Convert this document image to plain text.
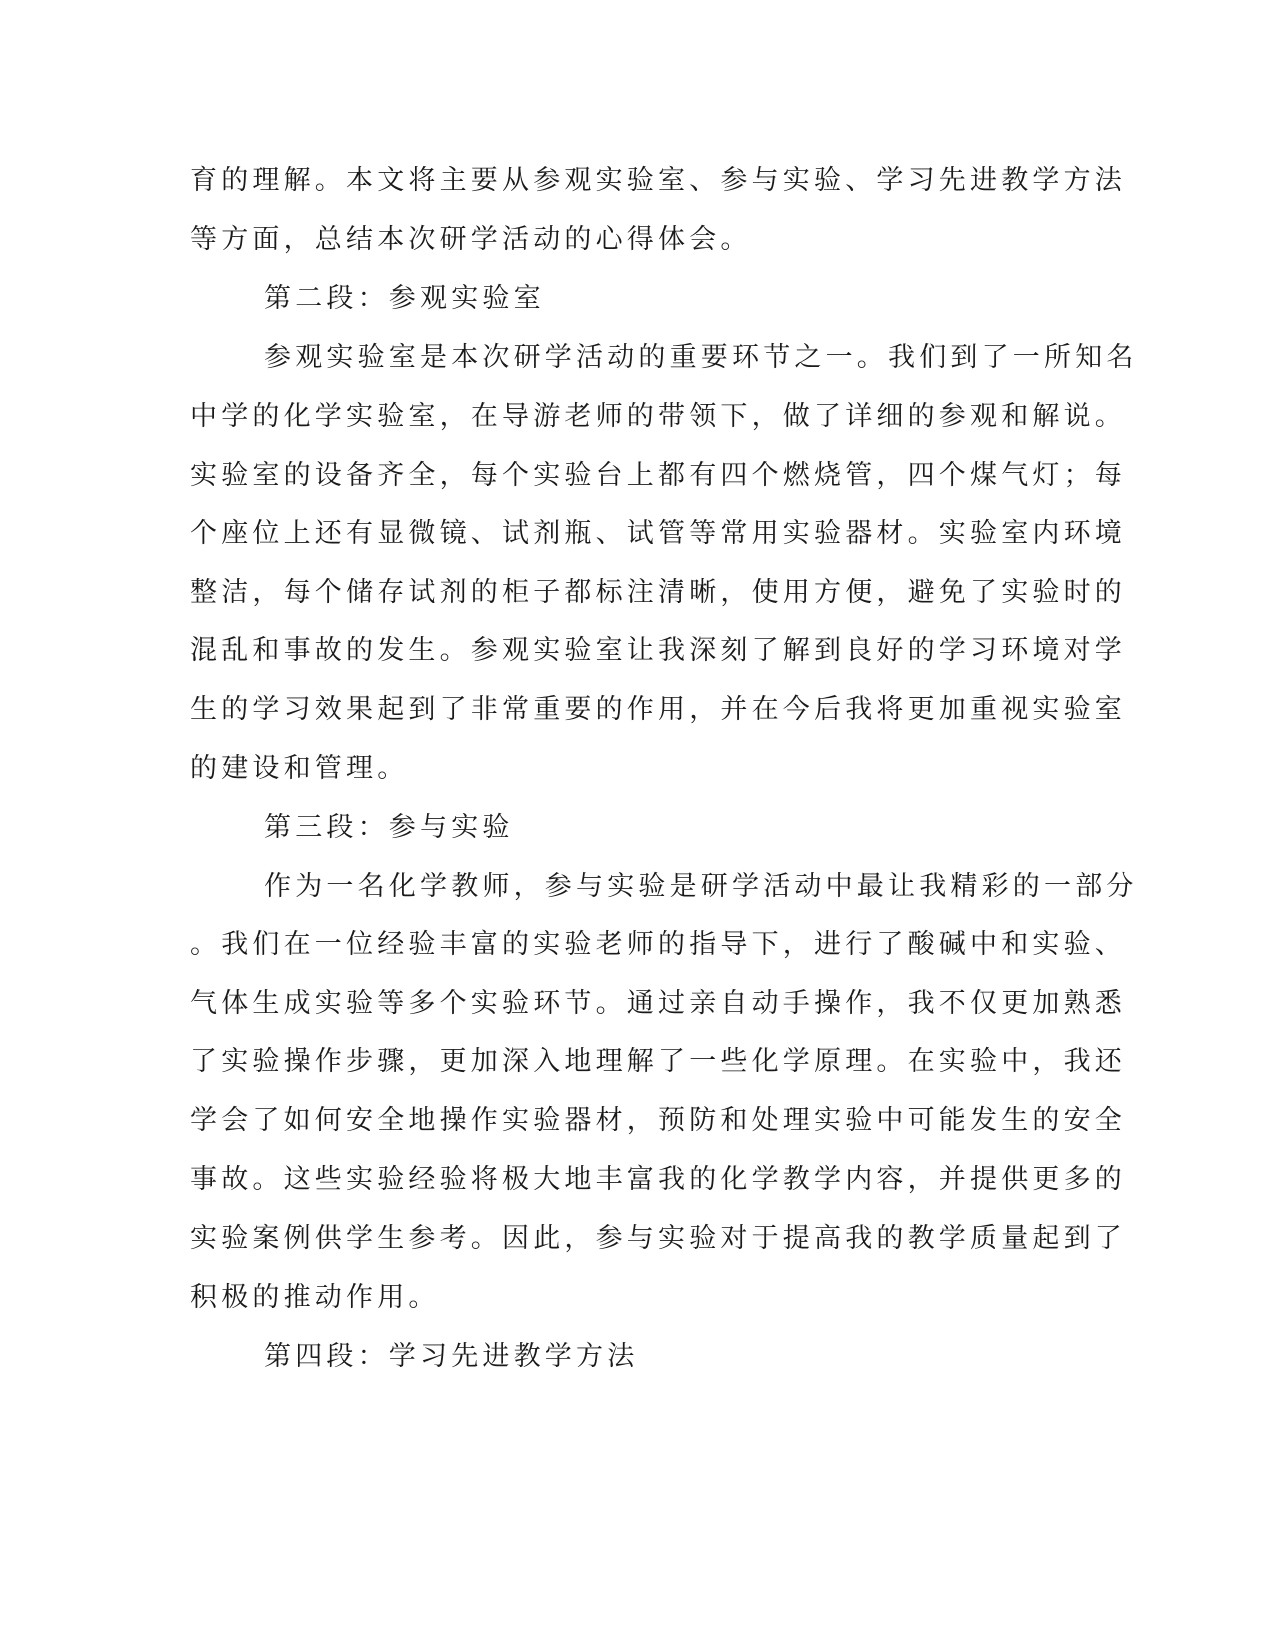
育的理解。本文将主要从参观实验室、参与实验、学习先进教学方法

等方面，总结本次研学活动的心得体会。

第二段：参观实验室

参观实验室是本次研学活动的重要环节之一。我们到了一所知名

中学的化学实验室，在导游老师的带领下，做了详细的参观和解说。

实验室的设备齐全，每个实验台上都有四个燃烧管，四个煤气灯；每

个座位上还有显微镜、试剂瓶、试管等常用实验器材。实验室内环境

整洁，每个储存试剂的柜子都标注清晰，使用方便，避免了实验时的

混乱和事故的发生。参观实验室让我深刻了解到良好的学习环境对学

生的学习效果起到了非常重要的作用，并在今后我将更加重视实验室

的建设和管理。

第三段：参与实验

作为一名化学教师，参与实验是研学活动中最让我精彩的一部分

。我们在一位经验丰富的实验老师的指导下，进行了酸碱中和实验、

气体生成实验等多个实验环节。通过亲自动手操作，我不仅更加熟悉

了实验操作步骤，更加深入地理解了一些化学原理。在实验中，我还

学会了如何安全地操作实验器材，预防和处理实验中可能发生的安全

事故。这些实验经验将极大地丰富我的化学教学内容，并提供更多的

实验案例供学生参考。因此，参与实验对于提高我的教学质量起到了

积极的推动作用。

第四段：学习先进教学方法
